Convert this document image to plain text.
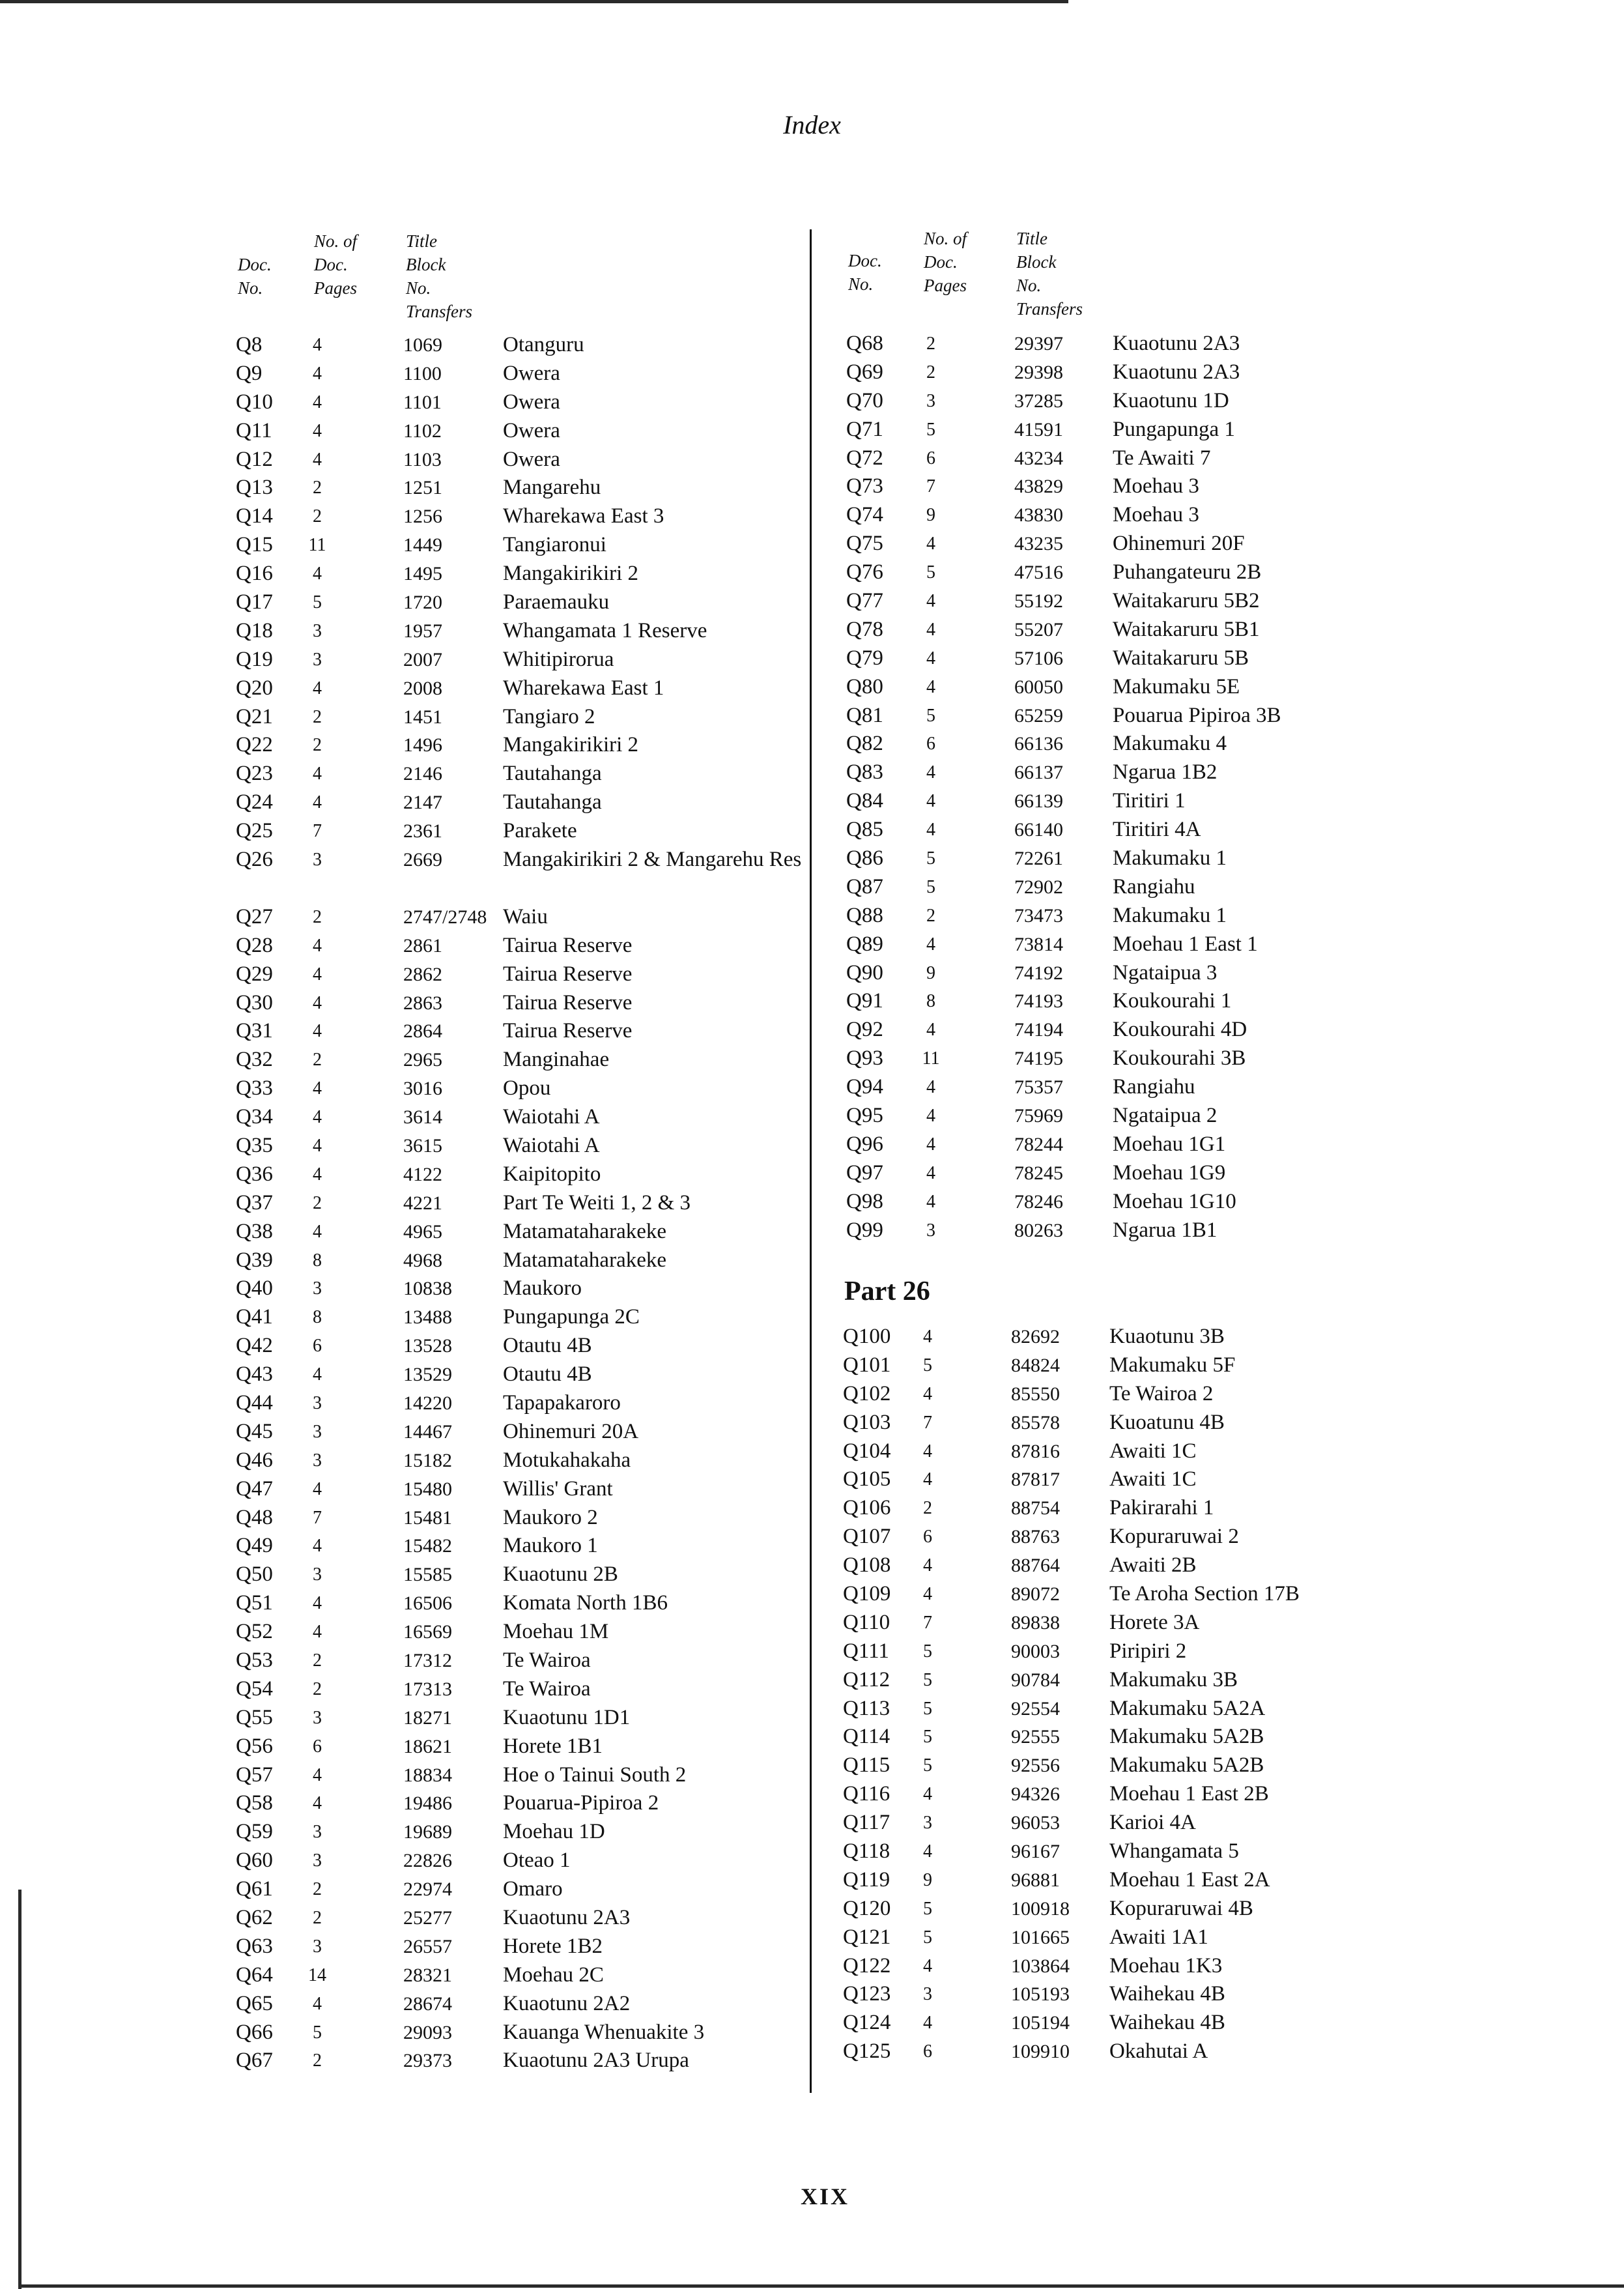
Index
Doc.
No.
No. of
Doc.
Pages
Title
Block
No.
Transfers
Doc.
No.
No. of
Doc.
Pages
Title
Block
No.
Transfers
Q8	4	1069	Otanguru
Q9	4	1100	Owera
Q10	4	1101	Owera
Q11	4	1102	Owera
Q12	4	1103	Owera
Q13	2	1251	Mangarehu
Q14	2	1256	Wharekawa East 3
Q15	11	1449	Tangiaronui
Q16	4	1495	Mangakirikiri 2
Q17	5	1720	Paraemauku
Q18	3	1957	Whangamata 1 Reserve
Q19	3	2007	Whitipirorua
Q20	4	2008	Wharekawa East 1
Q21	2	1451	Tangiaro 2
Q22	2	1496	Mangakirikiri 2
Q23	4	2146	Tautahanga
Q24	4	2147	Tautahanga
Q25	7	2361	Parakete
Q26	3	2669	Mangakirikiri 2 & Mangarehu Res
Q27	2	2747/2748 Waiu
Q28	4	2861	Tairua Reserve
Q29	4	2862	Tairua Reserve
Q30	4	2863	Tairua Reserve
Q31	4	2864	Tairua Reserve
Q32	2	2965	Manginahae
Q33	4	3016	Opou
Q34	4	3614	Waiotahi A
Q35	4	3615	Waiotahi A
Q36	4	4122	Kaipitopito
Q37	2	4221	Part Te Weiti 1, 2 & 3
Q38	4	4965	Matamataharakeke
Q39	8	4968	Matamataharakeke
Q40	3	10838 Maukoro
Q41	8	13488 Pungapunga 2C
Q42	6	13528 Otautu 4B
Q43	4	13529 Otautu 4B
Q44	3	14220 Tapapakaroro
Q45	3	14467 Ohinemuri 20A
Q46	3	15182 Motukahakaha
Q47	4	15480 Willis' Grant
Q48	7	15481 Maukoro 2
Q49	4	15482 Maukoro 1
Q50	3	15585 Kuaotunu 2B
Q51	4	16506 Komata North 1B6
Q52	4	16569 Moehau 1M
Q53	2	17312 Te Wairoa
Q54	2	17313 Te Wairoa
Q55	3	18271 Kuaotunu 1D1
Q56	6	18621 Horete 1B1
Q57	4	18834 Hoe o Tainui South 2
Q58	4	19486 Pouarua-Pipiroa 2
Q59	3	19689 Moehau 1D
Q60	3	22826 Oteao 1
Q61	2	22974 Omaro
Q62	2	25277 Kuaotunu 2A3
Q63	3	26557 Horete 1B2
Q64	14	28321 Moehau 2C
Q65	4	28674 Kuaotunu 2A2
Q66	5	29093 Kauanga Whenuakite 3
Q67	2	29373 Kuaotunu 2A3 Urupa
Q68	2	29397 Kuaotunu 2A3
Q69	2	29398 Kuaotunu 2A3
Q70	3	37285 Kuaotunu 1D
Q71	5	41591 Pungapunga 1
Q72	6	43234 Te Awaiti 7
Q73	7	43829 Moehau 3
Q74	9	43830 Moehau 3
Q75	4	43235 Ohinemuri 20F
Q76	5	47516 Puhangateuru 2B
Q77	4	55192 Waitakaruru 5B2
Q78	4	55207 Waitakaruru 5B1
Q79	4	57106 Waitakaruru 5B
Q80	4	60050 Makumaku 5E
Q81	5	65259 Pouarua Pipiroa 3B
Q82	6	66136 Makumaku 4
Q83	4	66137 Ngarua 1B2
Q84	4	66139 Tiritiri 1
Q85	4	66140 Tiritiri 4A
Q86	5	72261 Makumaku 1
Q87	5	72902 Rangiahu
Q88	2	73473 Makumaku 1
Q89	4	73814 Moehau 1 East 1
Q90	9	74192 Ngataipua 3
Q91	8	74193 Koukourahi 1
Q92	4	74194 Koukourahi 4D
Q93	11	74195 Koukourahi 3B
Q94	4	75357 Rangiahu
Q95	4	75969 Ngataipua 2
Q96	4	78244 Moehau 1G1
Q97	4	78245 Moehau 1G9
Q98	4	78246 Moehau 1G10
Q99	3	80263 Ngarua 1B1
Part 26
Q100	4	82692 Kuaotunu 3B
Q101	5	84824 Makumaku 5F
Q102	4	85550 Te Wairoa 2
Q103	7	85578 Kuoatunu 4B
Q104	4	87816 Awaiti 1C
Q105	4	87817 Awaiti 1C
Q106	2	88754 Pakirarahi 1
Q107	6	88763 Kopuraruwai 2
Q108	4	88764 Awaiti 2B
Q109	4	89072 Te Aroha Section 17B
Q110	7	89838 Horete 3A
Q111	5	90003 Piripiri 2
Q112	5	90784 Makumaku 3B
Q113	5	92554 Makumaku 5A2A
Q114	5	92555 Makumaku 5A2B
Q115	5	92556 Makumaku 5A2B
Q116	4	94326 Moehau 1 East 2B
Q117	3	96053 Karioi 4A
Q118	4	96167 Whangamata 5
Q119	9	96881 Moehau 1 East 2A
Q120	5	100918 Kopuraruwai 4B
Q121	5	101665 Awaiti 1A1
Q122	4	103864 Moehau 1K3
Q123	3	105193 Waihekau 4B
Q124	4	105194 Waihekau 4B
Q125	6	109910 Okahutai A
XIX
